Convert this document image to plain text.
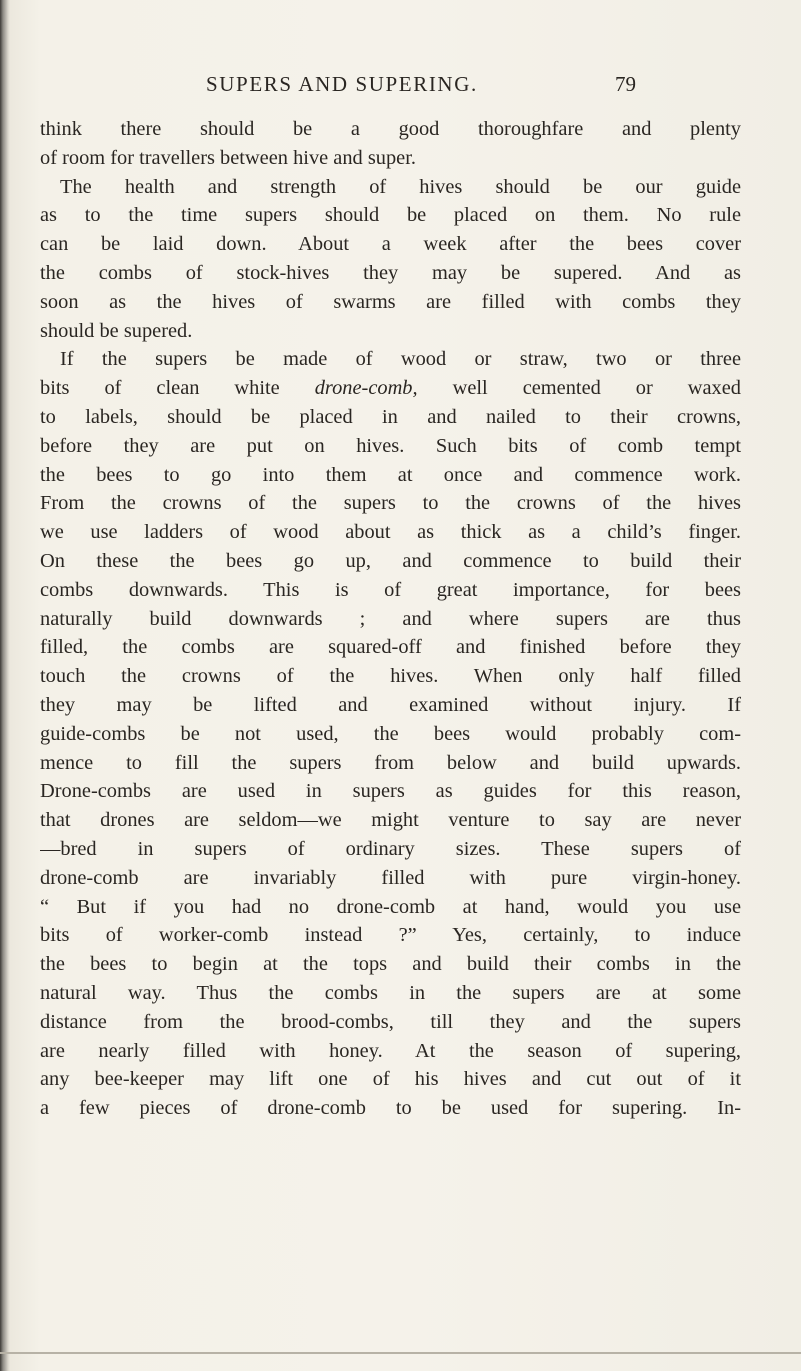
SUPERS AND SUPERING.	79
think there should be a good thoroughfare and plenty
of room for travellers between hive and super.
The health and strength of hives should be our guide
as to the time supers should be placed on them. No rule
can be laid down. About a week after the bees cover
the combs of stock-hives they may be supered. And as
soon as the hives of swarms are filled with combs they
should be supered.
If the supers be made of wood or straw, two or three
bits of clean white drone-comb, well cemented or waxed
to labels, should be placed in and nailed to their crowns,
before they are put on hives. Such bits of comb tempt
the bees to go into them at once and commence work.
From the crowns of the supers to the crowns of the hives
we use ladders of wood about as thick as a child’s finger.
On these the bees go up, and commence to build their
combs downwards. This is of great importance, for bees
naturally build downwards ; and where supers are thus
filled, the combs are squared-off and finished before they
touch the crowns of the hives. When only half filled
they may be lifted and examined without injury. If
guide-combs be not used, the bees would probably com-
mence to fill the supers from below and build upwards.
Drone-combs are used in supers as guides for this reason,
that drones are seldom—we might venture to say are never
—bred in supers of ordinary sizes. These supers of
drone-comb are invariably filled with pure virgin-honey.
“ But if you had no drone-comb at hand, would you use
bits of worker-comb instead ?” Yes, certainly, to induce
the bees to begin at the tops and build their combs in the
natural way. Thus the combs in the supers are at some
distance from the brood-combs, till they and the supers
are nearly filled with honey. At the season of supering,
any bee-keeper may lift one of his hives and cut out of it
a few pieces of drone-comb to be used for supering. In-
